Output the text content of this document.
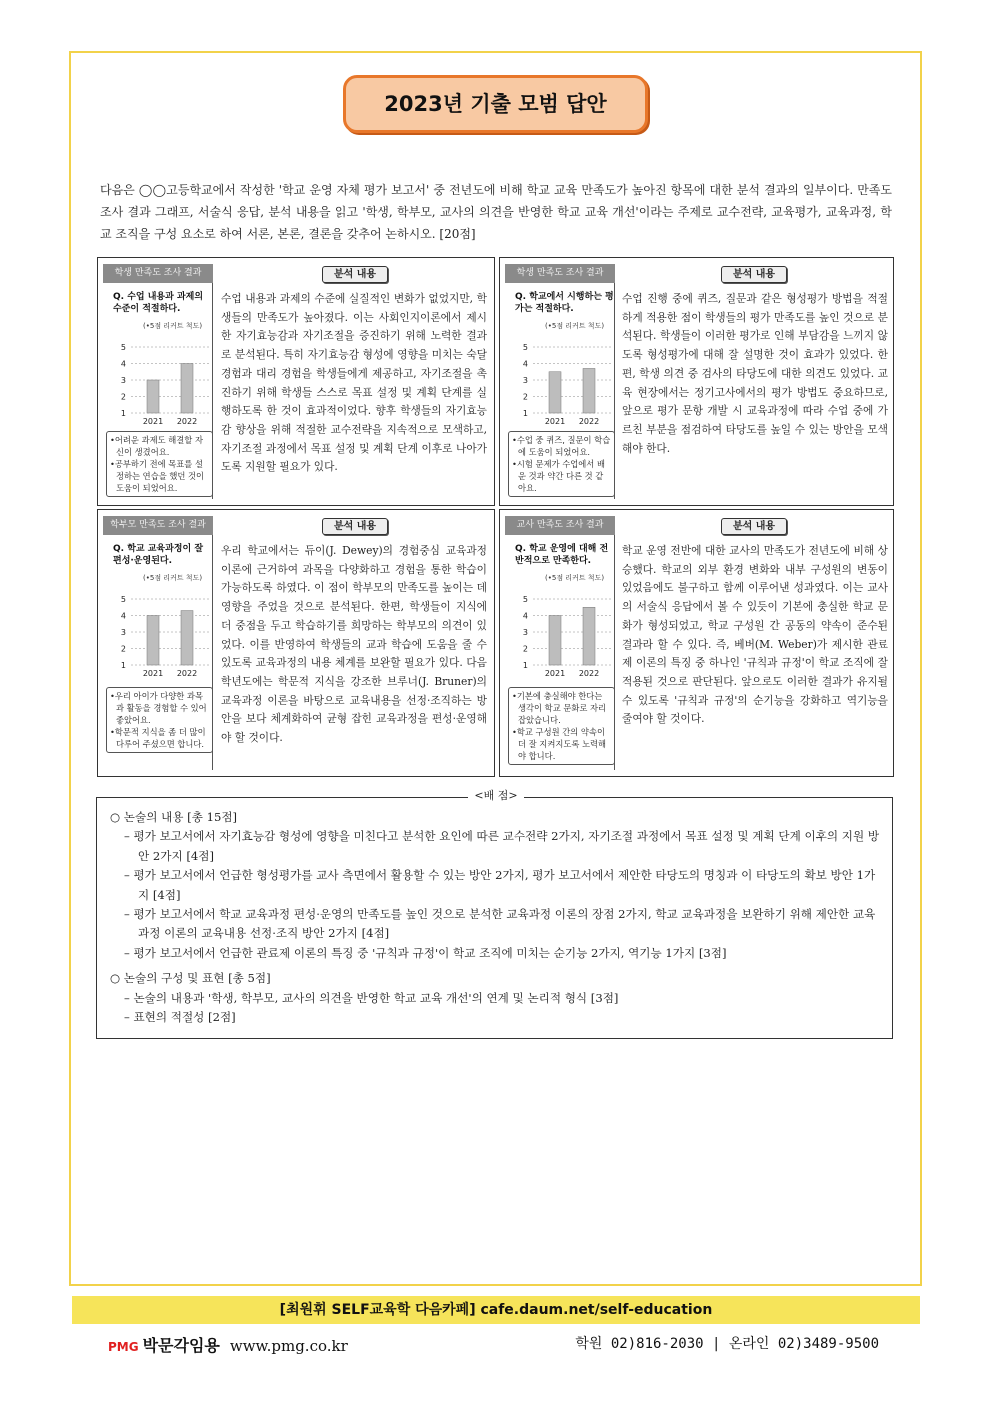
2023년 기출 모범 답안
다음은 ◯◯고등학교에서 작성한 '학교 운영 자체 평가 보고서' 중 전년도에 비해 학교 교육 만족도가 높아진 항목에 대한 분석 결과의 일부이다. 만족도 조사 결과 그래프, 서술식 응답, 분석 내용을 읽고 '학생, 학부모, 교사의 의견을 반영한 학교 교육 개선'이라는 주제로 교수전략, 교육평가, 교육과정, 학교 조직을 구성 요소로 하여 서론, 본론, 결론을 갖추어 논하시오. [20점]
학생 만족도 조사 결과
Q. 수업 내용과 과제의 수준이 적절하다.
(•5점 리커트 척도)
1
2
3
4
5
2021 2022
•어려운 과제도 해결할 자신이 생겼어요.
•공부하기 전에 목표를 설정하는 연습을 했던 것이 도움이 되었어요.
분석 내용
수업 내용과 과제의 수준에 실질적인 변화가 없었지만, 학생들의 만족도가 높아졌다. 이는 사회인지이론에서 제시한 자기효능감과 자기조절을 증진하기 위해 노력한 결과로 분석된다. 특히 자기효능감 형성에 영향을 미치는 숙달 경험과 대리 경험을 학생들에게 제공하고, 자기조절을 촉진하기 위해 학생들 스스로 목표 설정 및 계획 단계를 실행하도록 한 것이 효과적이었다. 향후 학생들의 자기효능감 향상을 위해 적절한 교수전략을 지속적으로 모색하고, 자기조절 과정에서 목표 설정 및 계획 단계 이후로 나아가도록 지원할 필요가 있다.
학생 만족도 조사 결과
Q. 학교에서 시행하는 평가는 적절하다.
(•5점 리커트 척도)
1
2
3
4
5
2021 2022
•수업 중 퀴즈, 질문이 학습에 도움이 되었어요.
•시험 문제가 수업에서 배운 것과 약간 다른 것 같아요.
분석 내용
수업 진행 중에 퀴즈, 질문과 같은 형성평가 방법을 적절하게 적용한 점이 학생들의 평가 만족도를 높인 것으로 분석된다. 학생들이 이러한 평가로 인해 부담감을 느끼지 않도록 형성평가에 대해 잘 설명한 것이 효과가 있었다. 한편, 학생 의견 중 검사의 타당도에 대한 의견도 있었다. 교육 현장에서는 정기고사에서의 평가 방법도 중요하므로, 앞으로 평가 문항 개발 시 교육과정에 따라 수업 중에 가르친 부분을 점검하여 타당도를 높일 수 있는 방안을 모색해야 한다.
학부모 만족도 조사 결과
Q. 학교 교육과정이 잘 편성·운영된다.
(•5점 리커트 척도)
1
2
3
4
5
2021 2022
•우리 아이가 다양한 과목과 활동을 경험할 수 있어 좋았어요.
•학문적 지식을 좀 더 많이 다루어 주셨으면 합니다.
분석 내용
우리 학교에서는 듀이(J. Dewey)의 경험중심 교육과정 이론에 근거하여 과목을 다양화하고 경험을 통한 학습이 가능하도록 하였다. 이 점이 학부모의 만족도를 높이는 데 영향을 주었을 것으로 분석된다. 한편, 학생들이 지식에 더 중점을 두고 학습하기를 희망하는 학부모의 의견이 있었다. 이를 반영하여 학생들의 교과 학습에 도움을 줄 수 있도록 교육과정의 내용 체계를 보완할 필요가 있다. 다음 학년도에는 학문적 지식을 강조한 브루너(J. Bruner)의 교육과정 이론을 바탕으로 교육내용을 선정·조직하는 방안을 보다 체계화하여 균형 잡힌 교육과정을 편성·운영해야 할 것이다.
교사 만족도 조사 결과
Q. 학교 운영에 대해 전반적으로 만족한다.
(•5점 리커트 척도)
1
2
3
4
5
2021 2022
•기본에 충실해야 한다는 생각이 학교 문화로 자리 잡았습니다.
•학교 구성원 간의 약속이 더 잘 지켜지도록 노력해야 합니다.
분석 내용
학교 운영 전반에 대한 교사의 만족도가 전년도에 비해 상승했다. 학교의 외부 환경 변화와 내부 구성원의 변동이 있었음에도 불구하고 함께 이루어낸 성과였다. 이는 교사의 서술식 응답에서 볼 수 있듯이 기본에 충실한 학교 문화가 형성되었고, 학교 구성원 간 공동의 약속이 준수된 결과라 할 수 있다. 즉, 베버(M. Weber)가 제시한 관료제 이론의 특징 중 하나인 '규칙과 규정'이 학교 조직에 잘 적용된 것으로 판단된다. 앞으로도 이러한 결과가 유지될 수 있도록 '규칙과 규정'의 순기능을 강화하고 역기능을 줄여야 할 것이다.
<배 점>
○ 논술의 내용 [총 15점]
– 평가 보고서에서 자기효능감 형성에 영향을 미친다고 분석한 요인에 따른 교수전략 2가지, 자기조절 과정에서 목표 설정 및 계획 단계 이후의 지원 방안 2가지 [4점]
– 평가 보고서에서 언급한 형성평가를 교사 측면에서 활용할 수 있는 방안 2가지, 평가 보고서에서 제안한 타당도의 명칭과 이 타당도의 확보 방안 1가지 [4점]
– 평가 보고서에서 학교 교육과정 편성·운영의 만족도를 높인 것으로 분석한 교육과정 이론의 장점 2가지, 학교 교육과정을 보완하기 위해 제안한 교육과정 이론의 교육내용 선정·조직 방안 2가지 [4점]
– 평가 보고서에서 언급한 관료제 이론의 특징 중 '규칙과 규정'이 학교 조직에 미치는 순기능 2가지, 역기능 1가지 [3점]
○ 논술의 구성 및 표현 [총 5점]
– 논술의 내용과 '학생, 학부모, 교사의 의견을 반영한 학교 교육 개선'의 연계 및 논리적 형식 [3점]
– 표현의 적절성 [2점]
[최원휘 SELF교육학 다음카페] cafe.daum.net/self-education
PMG 박문각임용 www.pmg.co.kr	학원 02)816-2030 | 온라인 02)3489-9500
